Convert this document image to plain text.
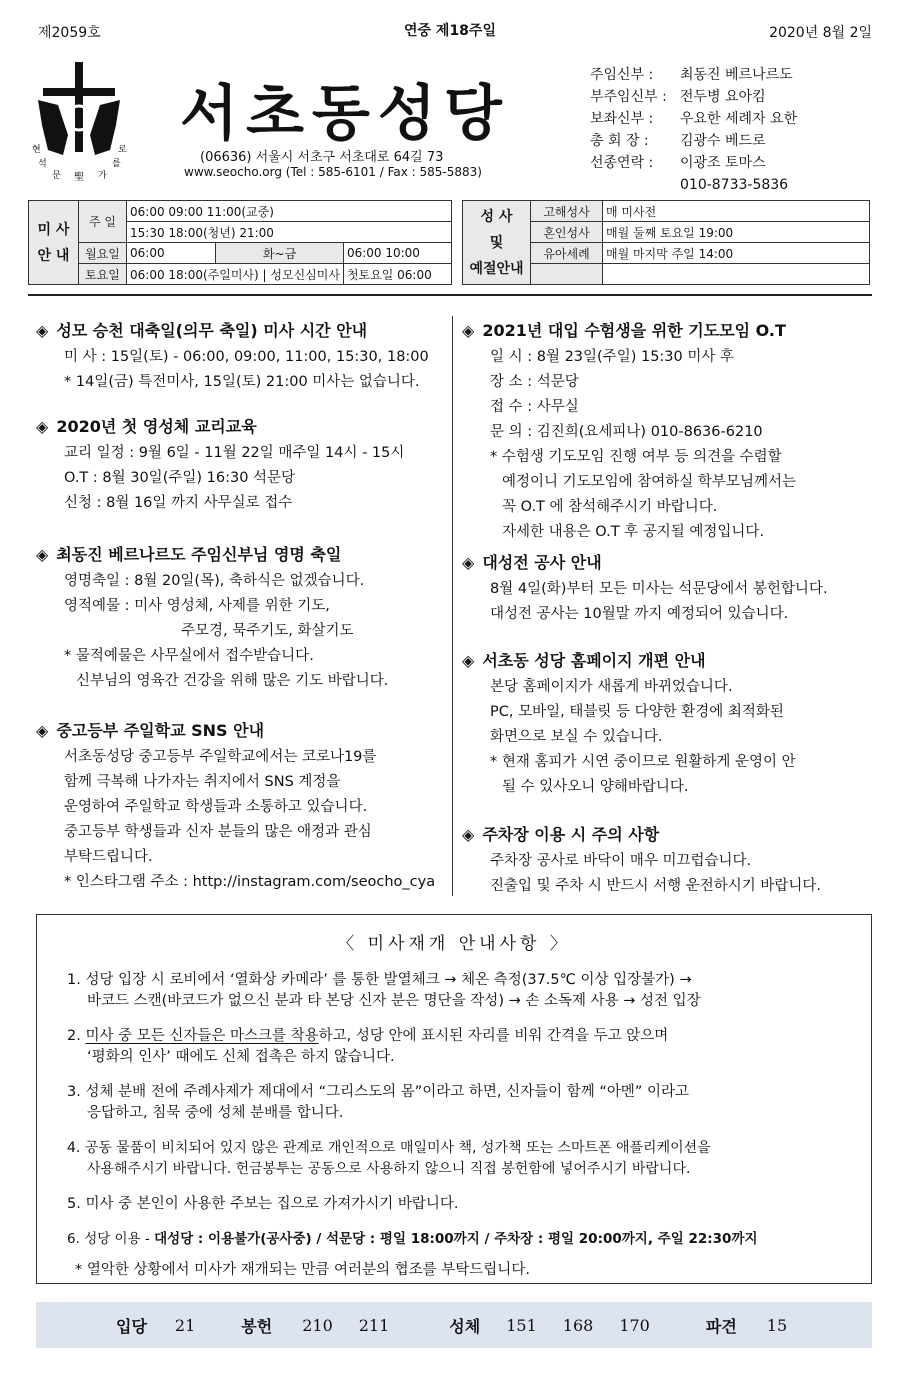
제2059호	연중 제18주일	2020년 8월 2일
현	로
석	를
문	가
聖
서초동성당
(06636) 서울시 서초구 서초대로 64길 73
www.seocho.org (Tel : 585-6101 / Fax : 585-5883)
주임신부 :	최동진 베르나르도
부주임신부 : 전두병 요아킴
보좌신부 :	우요한 세례자 요한
총 회 장 :	김광수 베드로
선종연락 :	이광조 토마스
010-8733-5836
미 사
안 내	주 일	06:00 09:00 11:00(교중)		
		15:30 18:00(청년) 21:00		
	월요일	06:00	화~금	06:00 10:00
	토요일	06:00 18:00(주일미사) | 성모신심미사		첫토요일 06:00
성 사
및
예절안내	고해성사	매 미사전
	혼인성사	매월 둘째 토요일 19:00
	유아세례	매월 마지막 주일 14:00

◈ 성모 승천 대축일(의무 축일) 미사 시간 안내

미 사 : 15일(토) - 06:00, 09:00, 11:00, 15:30, 18:00

* 14일(금) 특전미사, 15일(토) 21:00 미사는 없습니다.

◈ 2020년 첫 영성체 교리교육

교리 일정 : 9월 6일 - 11월 22일 매주일 14시 - 15시

O.T : 8월 30일(주일) 16:30 석문당

신청 : 8월 16일 까지 사무실로 접수

◈ 최동진 베르나르도 주임신부님 영명 축일

영명축일 : 8월 20일(목), 축하식은 없겠습니다.

영적예물 : 미사 영성체, 사제를 위한 기도,

주모경, 묵주기도, 화살기도

* 물적예물은 사무실에서 접수받습니다.

신부님의 영육간 건강을 위해 많은 기도 바랍니다.

◈ 중고등부 주일학교 SNS 안내

서초동성당 중고등부 주일학교에서는 코로나19를

함께 극복해 나가자는 취지에서 SNS 계정을

운영하여 주일학교 학생들과 소통하고 있습니다.

중고등부 학생들과 신자 분들의 많은 애정과 관심

부탁드립니다.

* 인스타그램 주소 : http://instagram.com/seocho_cya

◈ 2021년 대입 수험생을 위한 기도모임 O.T

일 시 : 8월 23일(주일) 15:30 미사 후

장 소 : 석문당

접 수 : 사무실

문 의 : 김진희(요세피나) 010-8636-6210

* 수험생 기도모임 진행 여부 등 의견을 수렴할

예정이니 기도모임에 참여하실 학부모님께서는

꼭 O.T 에 참석해주시기 바랍니다.

자세한 내용은 O.T 후 공지될 예정입니다.

◈ 대성전 공사 안내

8월 4일(화)부터 모든 미사는 석문당에서 봉헌합니다.

대성전 공사는 10월말 까지 예정되어 있습니다.

◈ 서초동 성당 홈페이지 개편 안내

본당 홈페이지가 새롭게 바뀌었습니다.

PC, 모바일, 태블릿 등 다양한 환경에 최적화된

화면으로 보실 수 있습니다.

* 현재 홈피가 시연 중이므로 원활하게 운영이 안

될 수 있사오니 양해바랍니다.

◈ 주차장 이용 시 주의 사항

주차장 공사로 바닥이 매우 미끄럽습니다.

진출입 및 주차 시 반드시 서행 운전하시기 바랍니다.

〈 미사재개 안내사항 〉
1. 성당 입장 시 로비에서 ‘열화상 카메라’ 를 통한 발열체크 → 체온 측정(37.5℃ 이상 입장불가) →
바코드 스캔(바코드가 없으신 분과 타 본당 신자 분은 명단을 작성) → 손 소독제 사용 → 성전 입장
2. 미사 중 모든 신자들은 마스크를 착용하고, 성당 안에 표시된 자리를 비워 간격을 두고 앉으며
‘평화의 인사’ 때에도 신체 접촉은 하지 않습니다.
3. 성체 분배 전에 주례사제가 제대에서 “그리스도의 몸”이라고 하면, 신자들이 함께 “아멘” 이라고
응답하고, 침묵 중에 성체 분배를 합니다.
4. 공동 물품이 비치되어 있지 않은 관계로 개인적으로 매일미사 책, 성가책 또는 스마트폰 애플리케이션을
사용해주시기 바랍니다. 헌금봉투는 공동으로 사용하지 않으니 직접 봉헌함에 넣어주시기 바랍니다.
5. 미사 중 본인이 사용한 주보는 집으로 가져가시기 바랍니다.
6. 성당 이용 - 대성당 : 이용불가(공사중) / 석문당 : 평일 18:00까지 / 주차장 : 평일 20:00까지, 주일 22:30까지
* 열악한 상황에서 미사가 재개되는 만큼 여러분의 협조를 부탁드립니다.
입당 21	봉헌 210 211	성체 151 168 170	파견 15
